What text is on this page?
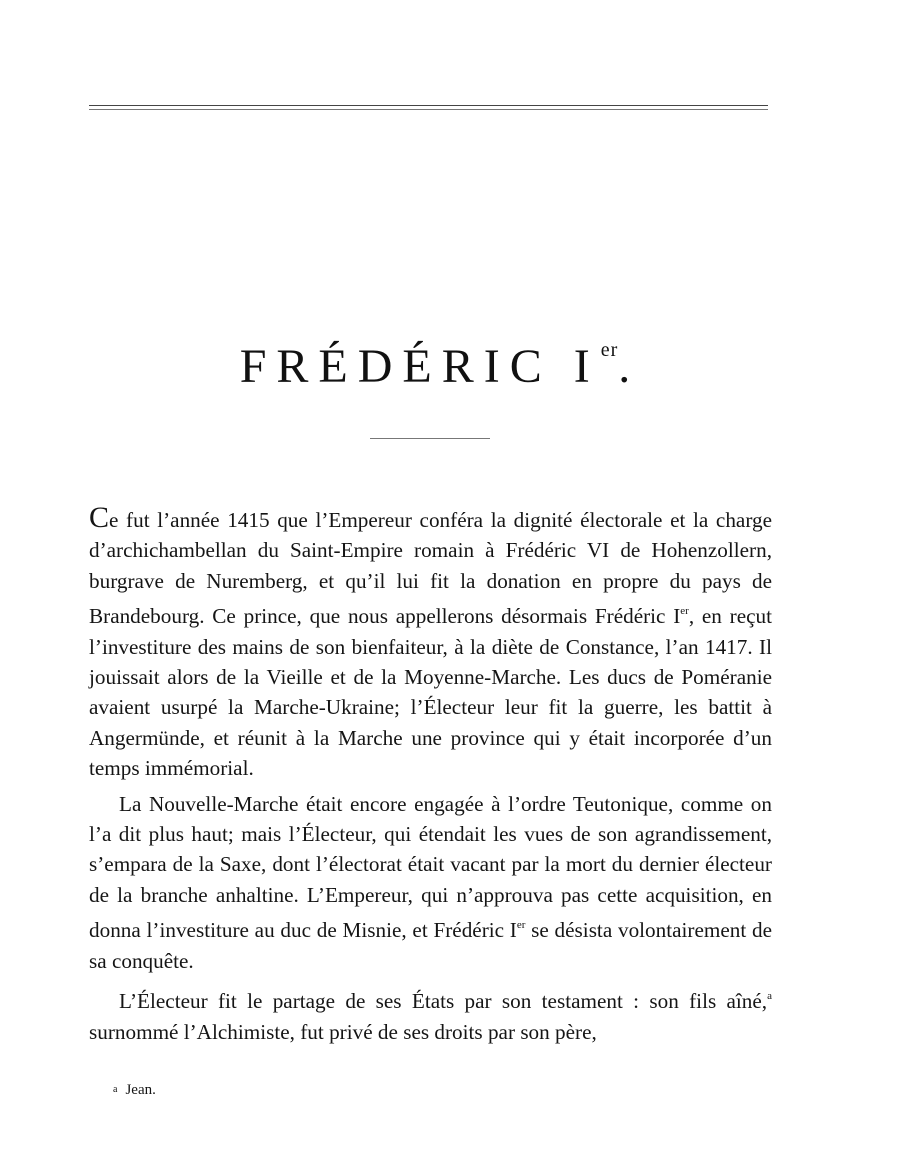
FRÉDÉRIC Ier.

Ce fut l’année 1415 que l’Empereur conféra la dignité électorale et la charge d’archichambellan du Saint-Empire romain à Frédéric VI de Hohenzollern, burgrave de Nuremberg, et qu’il lui fit la donation en propre du pays de Brandebourg. Ce prince, que nous appellerons désormais Frédéric Ier, en reçut l’investiture des mains de son bienfaiteur, à la diète de Constance, l’an 1417. Il jouissait alors de la Vieille et de la Moyenne-Marche. Les ducs de Poméranie avaient usurpé la Marche-Ukraine; l’Électeur leur fit la guerre, les battit à Angermünde, et réunit à la Marche une province qui y était incorporée d’un temps immémorial.

La Nouvelle-Marche était encore engagée à l’ordre Teutonique, comme on l’a dit plus haut; mais l’Électeur, qui étendait les vues de son agrandissement, s’empara de la Saxe, dont l’électorat était vacant par la mort du dernier électeur de la branche anhaltine. L’Empereur, qui n’approuva pas cette acquisition, en donna l’investiture au duc de Misnie, et Frédéric Ier se désista volontairement de sa conquête.

L’Électeur fit le partage de ses États par son testament : son fils aîné,$^a$ surnommé l’Alchimiste, fut privé de ses droits par son père,

a Jean.
